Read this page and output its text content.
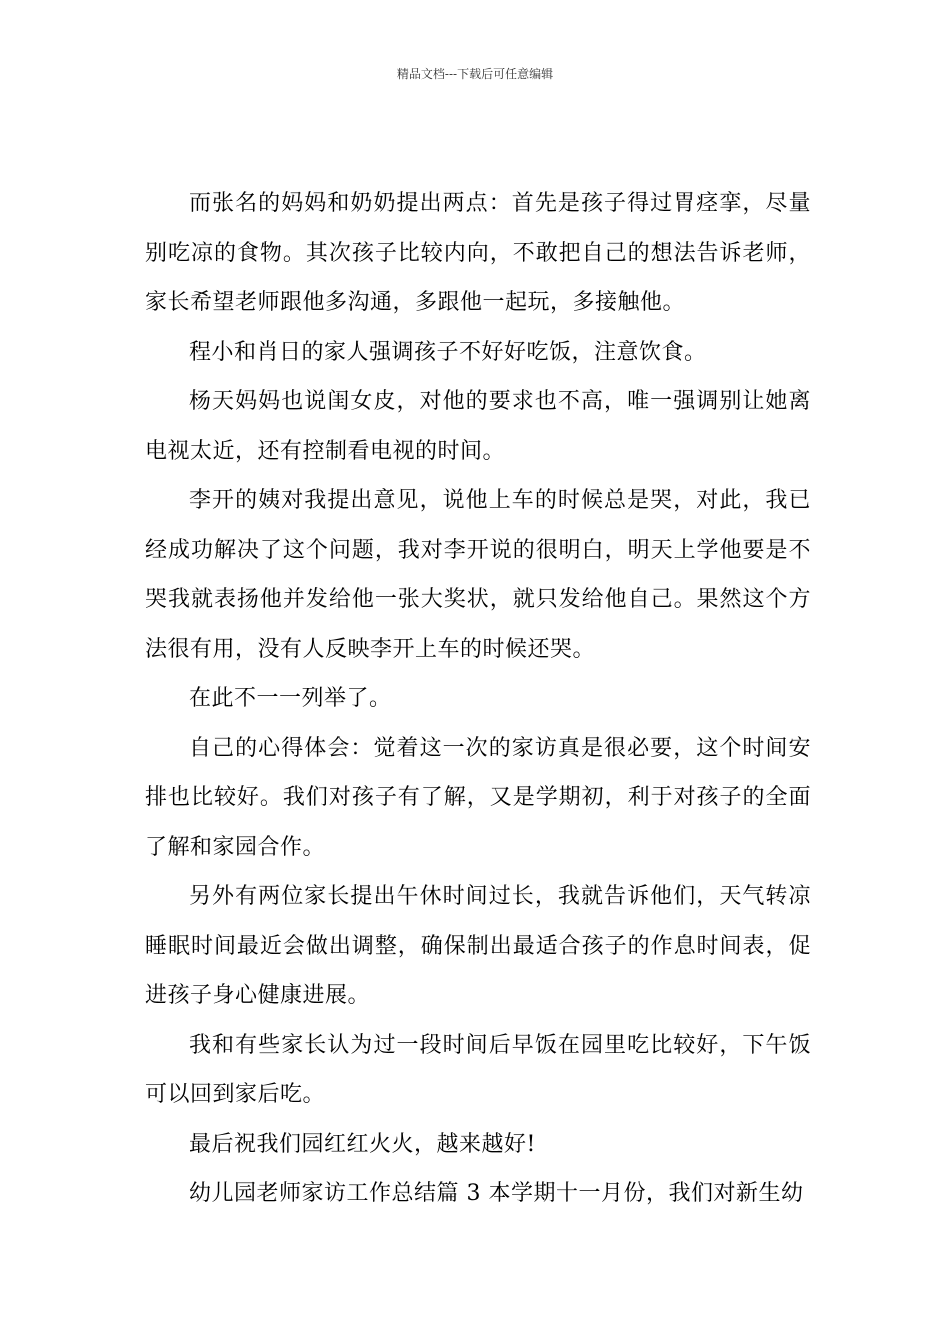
精品文档---下载后可任意编辑

而张名的妈妈和奶奶提出两点：首先是孩子得过胃痉挛，尽量别吃凉的食物。其次孩子比较内向，不敢把自己的想法告诉老师，家长希望老师跟他多沟通，多跟他一起玩，多接触他。

程小和肖日的家人强调孩子不好好吃饭，注意饮食。

杨天妈妈也说闺女皮，对他的要求也不高，唯一强调别让她离电视太近，还有控制看电视的时间。

李开的姨对我提出意见，说他上车的时候总是哭，对此，我已经成功解决了这个问题，我对李开说的很明白，明天上学他要是不哭我就表扬他并发给他一张大奖状，就只发给他自己。果然这个方法很有用，没有人反映李开上车的时候还哭。

在此不一一列举了。

自己的心得体会：觉着这一次的家访真是很必要，这个时间安排也比较好。我们对孩子有了解，又是学期初，利于对孩子的全面了解和家园合作。

另外有两位家长提出午休时间过长，我就告诉他们，天气转凉睡眠时间最近会做出调整，确保制出最适合孩子的作息时间表，促进孩子身心健康进展。

我和有些家长认为过一段时间后早饭在园里吃比较好，下午饭可以回到家后吃。

最后祝我们园红红火火，越来越好!

幼儿园老师家访工作总结篇 3 本学期十一月份，我们对新生幼
